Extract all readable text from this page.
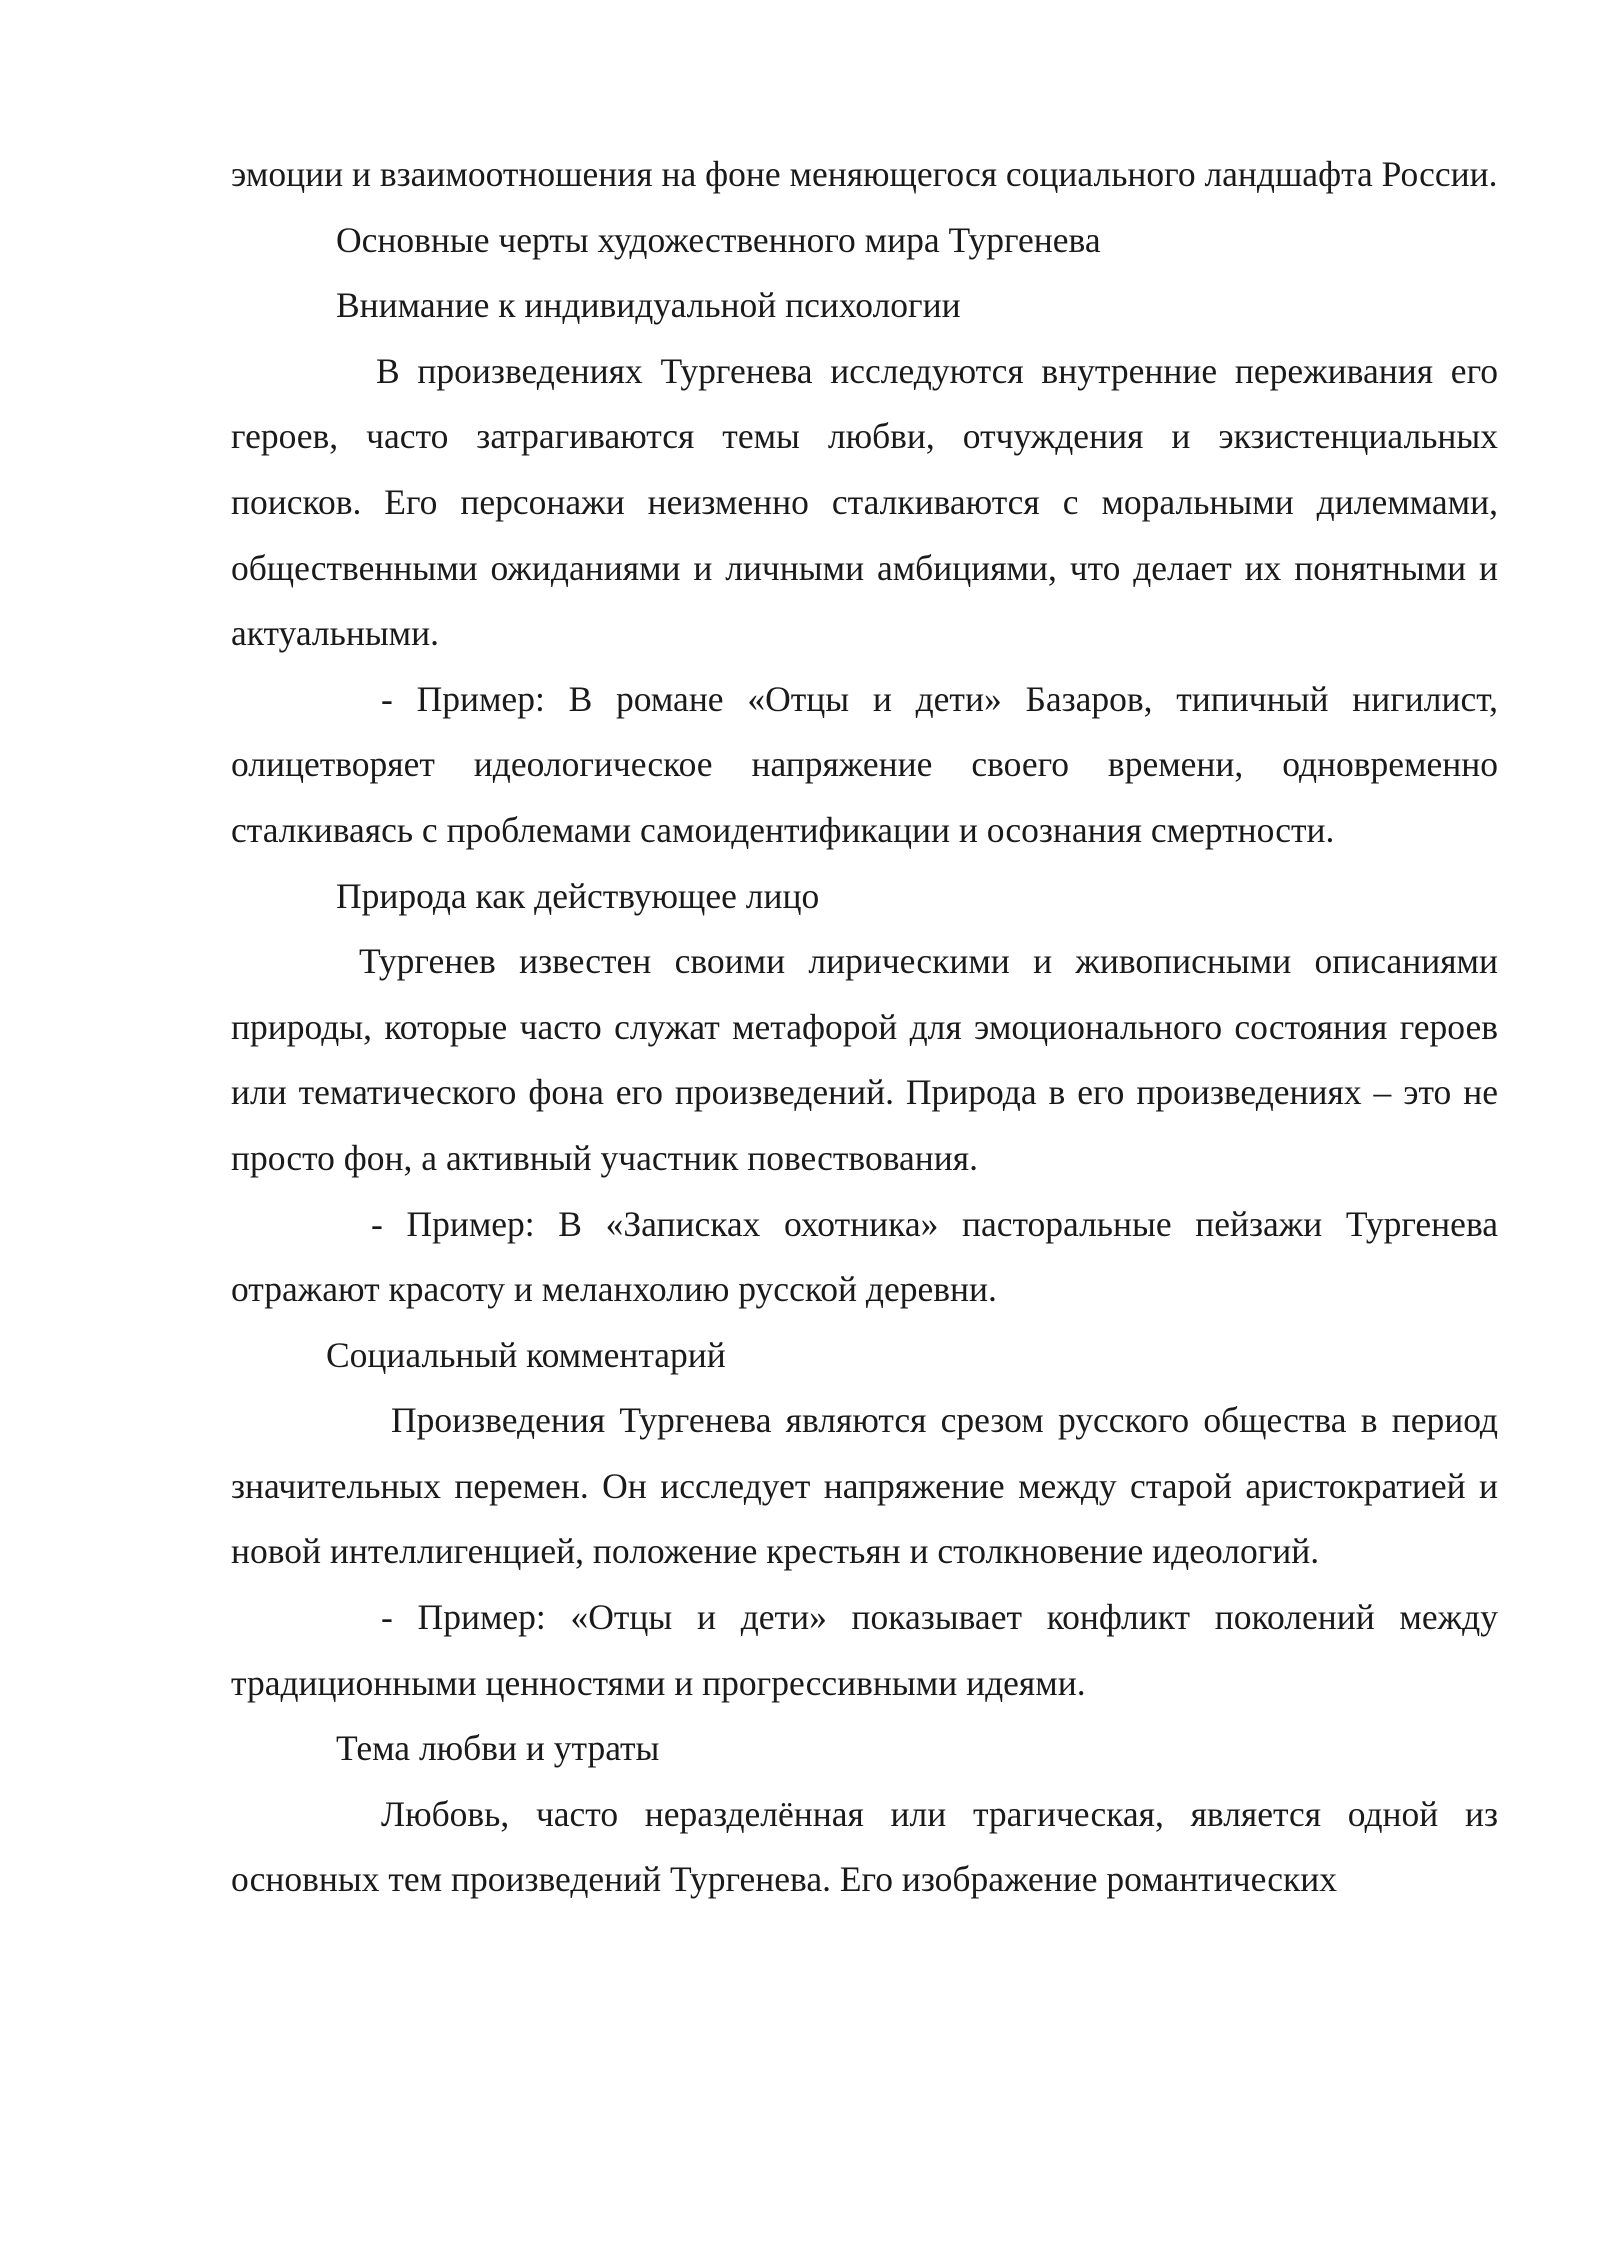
эмоции и взаимоотношения на фоне меняющегося социального ландшафта России.

Основные черты художественного мира Тургенева

Внимание к индивидуальной психологии

В произведениях Тургенева исследуются внутренние переживания его героев, часто затрагиваются темы любви, отчуждения и экзистенциальных поисков. Его персонажи неизменно сталкиваются с моральными дилеммами, общественными ожиданиями и личными амбициями, что делает их понятными и актуальными.

- Пример: В романе «Отцы и дети» Базаров, типичный нигилист, олицетворяет идеологическое напряжение своего времени, одновременно сталкиваясь с проблемами самоидентификации и осознания смертности.

Природа как действующее лицо

Тургенев известен своими лирическими и живописными описаниями природы, которые часто служат метафорой для эмоционального состояния героев или тематического фона его произведений. Природа в его произведениях – это не просто фон, а активный участник повествования.

- Пример: В «Записках охотника» пасторальные пейзажи Тургенева отражают красоту и меланхолию русской деревни.

Социальный комментарий

Произведения Тургенева являются срезом русского общества в период значительных перемен. Он исследует напряжение между старой аристократией и новой интеллигенцией, положение крестьян и столкновение идеологий.

- Пример: «Отцы и дети» показывает конфликт поколений между традиционными ценностями и прогрессивными идеями.

Тема любви и утраты

Любовь, часто неразделённая или трагическая, является одной из основных тем произведений Тургенева. Его изображение романтических
